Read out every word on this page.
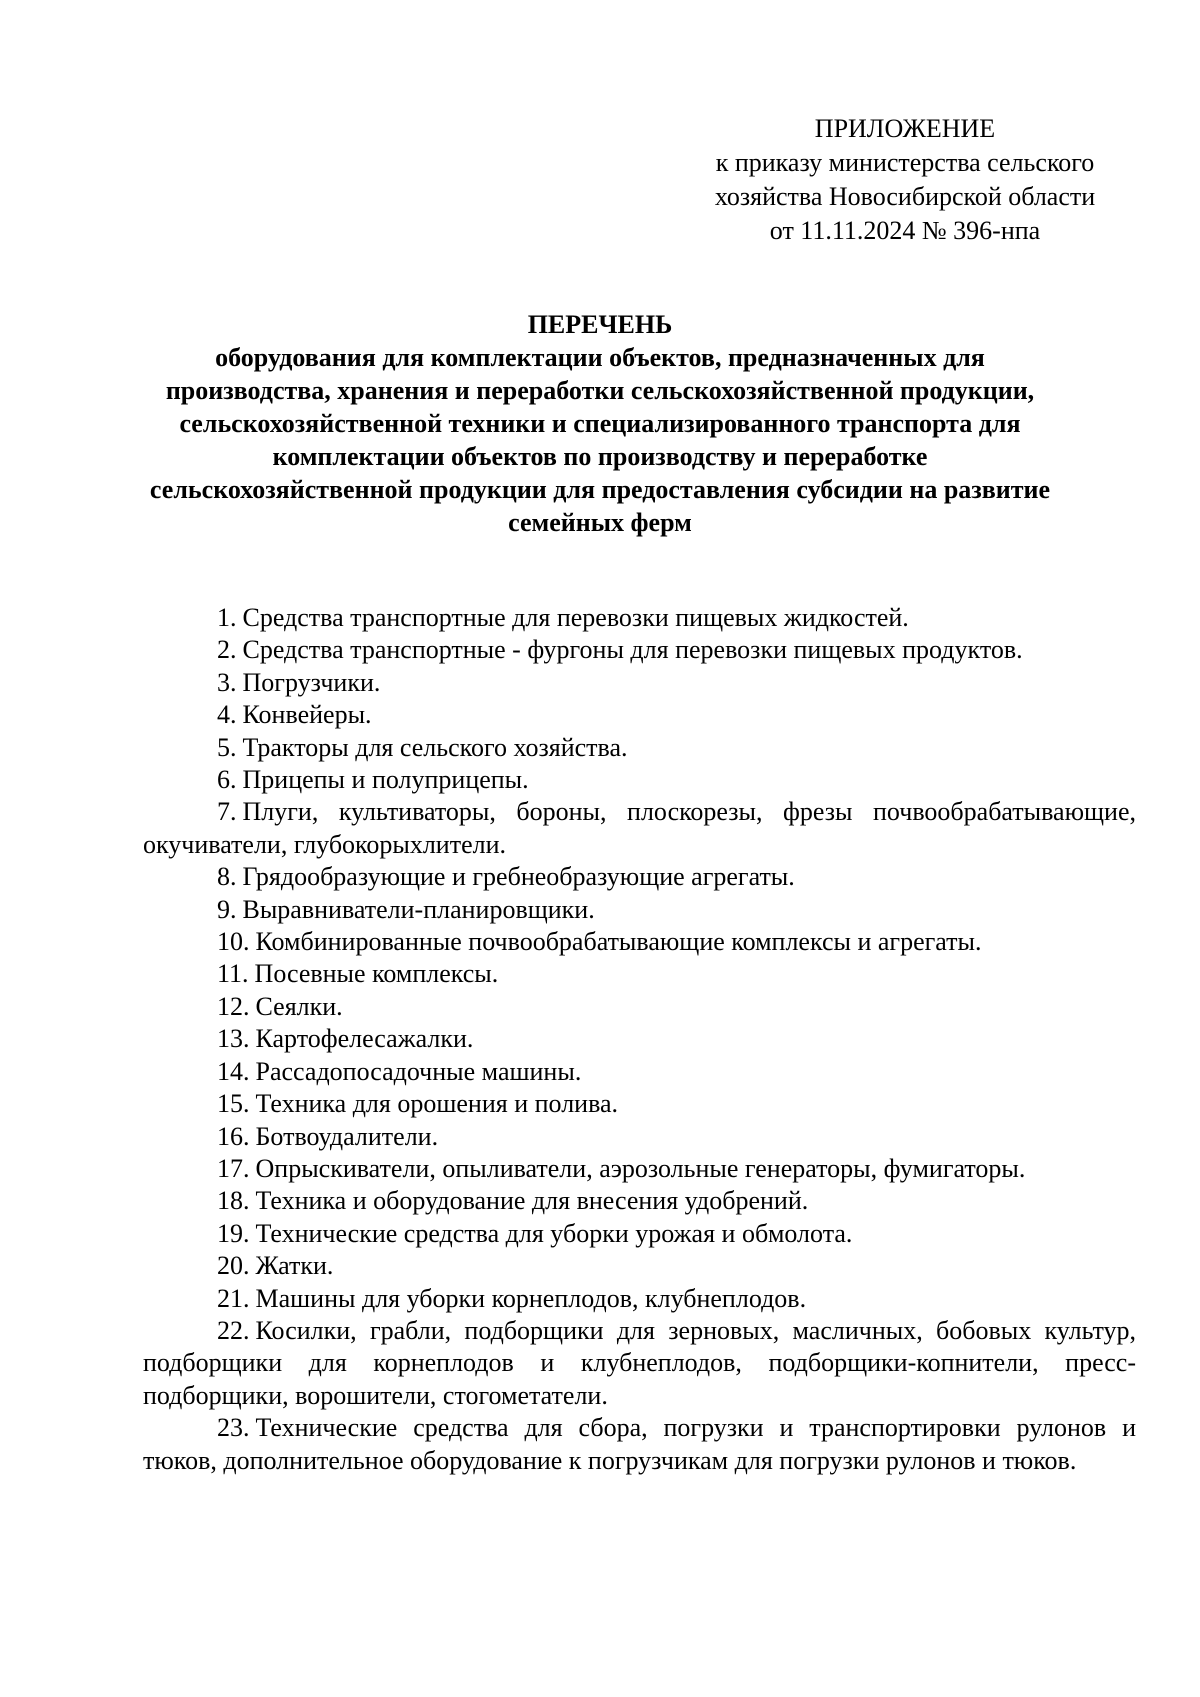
ПРИЛОЖЕНИЕ
к приказу министерства сельского
хозяйства Новосибирской области
от 11.11.2024 № 396-нпа
ПЕРЕЧЕНЬ
оборудования для комплектации объектов, предназначенных для
производства, хранения и переработки сельскохозяйственной продукции,
сельскохозяйственной техники и специализированного транспорта для
комплектации объектов по производству и переработке
сельскохозяйственной продукции для предоставления субсидии на развитие
семейных ферм

1. Средства транспортные для перевозки пищевых жидкостей.

2. Средства транспортные - фургоны для перевозки пищевых продуктов.

3. Погрузчики.

4. Конвейеры.

5. Тракторы для сельского хозяйства.

6. Прицепы и полуприцепы.

7. Плуги, культиваторы, бороны, плоскорезы, фрезы почвообрабатывающие, окучиватели, глубокорыхлители.

8. Грядообразующие и гребнеобразующие агрегаты.

9. Выравниватели-планировщики.

10. Комбинированные почвообрабатывающие комплексы и агрегаты.

11. Посевные комплексы.

12. Сеялки.

13. Картофелесажалки.

14. Рассадопосадочные машины.

15. Техника для орошения и полива.

16. Ботвоудалители.

17. Опрыскиватели, опыливатели, аэрозольные генераторы, фумигаторы.

18. Техника и оборудование для внесения удобрений.

19. Технические средства для уборки урожая и обмолота.

20. Жатки.

21. Машины для уборки корнеплодов, клубнеплодов.

22. Косилки, грабли, подборщики для зерновых, масличных, бобовых культур, подборщики для корнеплодов и клубнеплодов, подборщики-копнители, пресс-подборщики, ворошители, стогометатели.

23. Технические средства для сбора, погрузки и транспортировки рулонов и тюков, дополнительное оборудование к погрузчикам для погрузки рулонов и тюков.
